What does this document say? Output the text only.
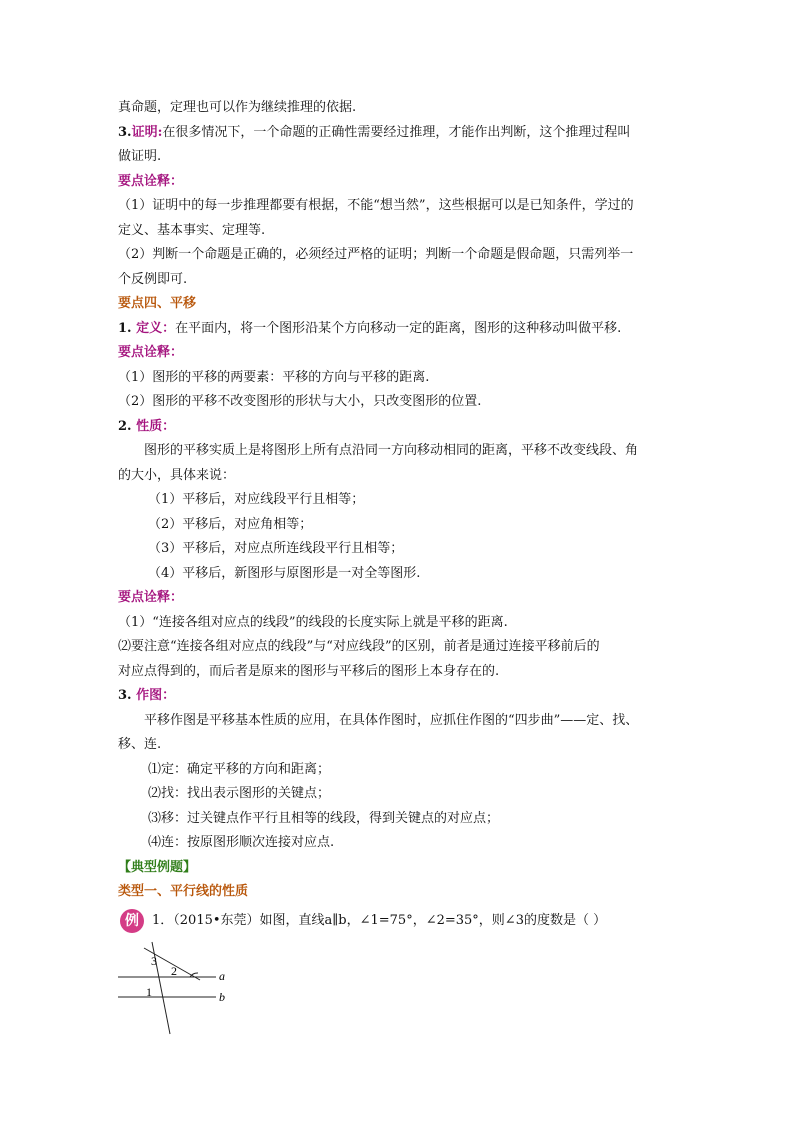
真命题，定理也可以作为继续推理的依据.
3.证明:在很多情况下，一个命题的正确性需要经过推理，才能作出判断，这个推理过程叫
做证明.
要点诠释：
（1）证明中的每一步推理都要有根据，不能“想当然”，这些根据可以是已知条件，学过的
定义、基本事实、定理等.
（2）判断一个命题是正确的，必须经过严格的证明；判断一个命题是假命题，只需列举一
个反例即可.
要点四、平移
1. 定义：在平面内，将一个图形沿某个方向移动一定的距离，图形的这种移动叫做平移.
要点诠释：
（1）图形的平移的两要素：平移的方向与平移的距离.
（2）图形的平移不改变图形的形状与大小，只改变图形的位置.
2. 性质：
图形的平移实质上是将图形上所有点沿同一方向移动相同的距离，平移不改变线段、角
的大小，具体来说：
（1）平移后，对应线段平行且相等；
（2）平移后，对应角相等；
（3）平移后，对应点所连线段平行且相等；
（4）平移后，新图形与原图形是一对全等图形.
要点诠释：
（1）“连接各组对应点的线段”的线段的长度实际上就是平移的距离.
⑵要注意“连接各组对应点的线段”与“对应线段”的区别，前者是通过连接平移前后的
对应点得到的，而后者是原来的图形与平移后的图形上本身存在的.
3. 作图：
平移作图是平移基本性质的应用，在具体作图时，应抓住作图的“四步曲”——定、找、
移、连.
⑴定：确定平移的方向和距离；
⑵找：找出表示图形的关键点；
⑶移：过关键点作平行且相等的线段，得到关键点的对应点；
⑷连：按原图形顺次连接对应点.
【典型例题】
类型一、平行线的性质
例	1．（2015•东莞）如图，直线a∥b，∠1=75°，∠2=35°，则∠3的度数是（ ）
3
2
1
a
b
